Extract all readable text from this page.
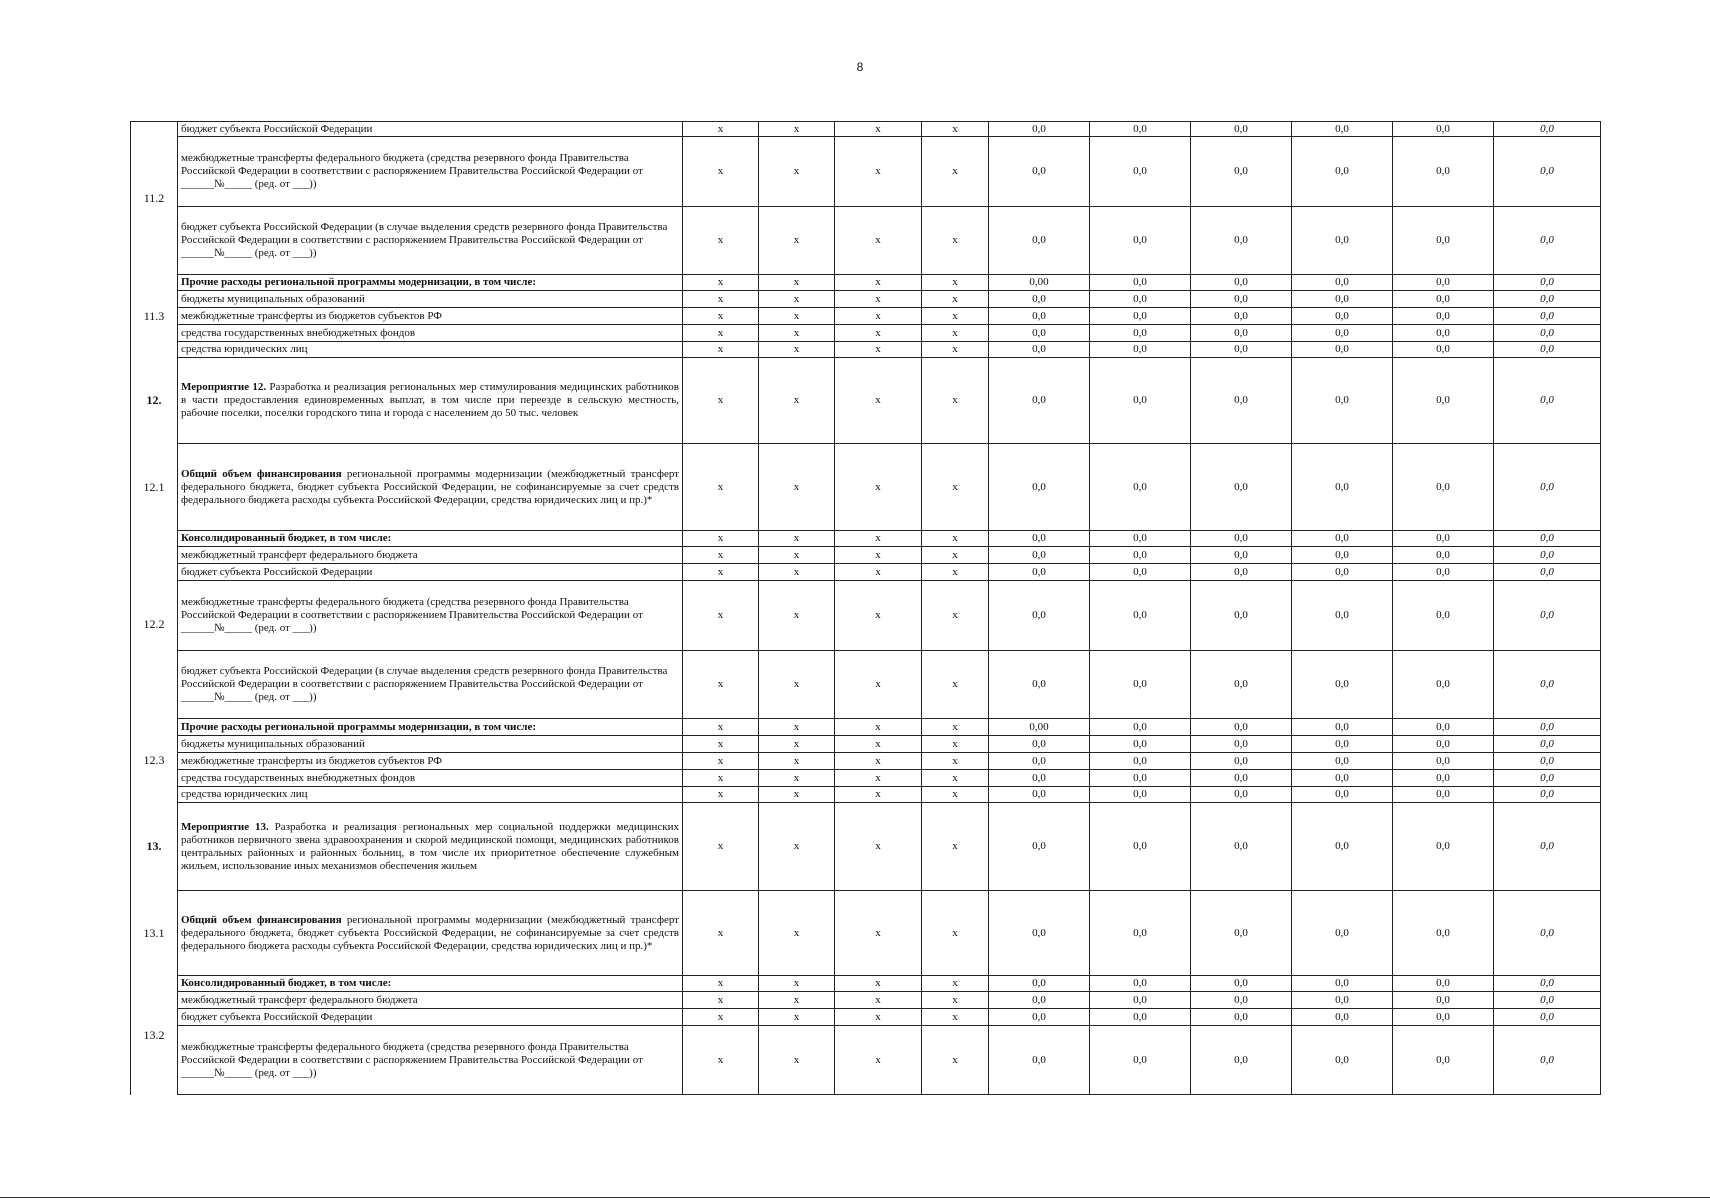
8
11.2	бюджет субъекта Российской Федерации	x	x	x	x	0,0	0,0	0,0	0,0	0,0	0,0
	межбюджетные трансферты федерального бюджета (средства резервного фонда Правительства Российской Федерации в соответствии с распоряжением Правительства Российской Федерации от ______№_____ (ред. от ___))	x	x	x	x	0,0	0,0	0,0	0,0	0,0	0,0
	бюджет субъекта Российской Федерации (в случае выделения средств резервного фонда Правительства Российской Федерации в соответствии с распоряжением Правительства Российской Федерации от ______№_____ (ред. от ___))	x	x	x	x	0,0	0,0	0,0	0,0	0,0	0,0
11.3	Прочие расходы региональной программы модернизации, в том числе:	x	x	x	x	0,00	0,0	0,0	0,0	0,0	0,0
	бюджеты муниципальных образований	x	x	x	x	0,0	0,0	0,0	0,0	0,0	0,0
	межбюджетные трансферты из бюджетов субъектов РФ	x	x	x	x	0,0	0,0	0,0	0,0	0,0	0,0
	средства государственных внебюджетных фондов	x	x	x	x	0,0	0,0	0,0	0,0	0,0	0,0
	средства юридических лиц	x	x	x	x	0,0	0,0	0,0	0,0	0,0	0,0
12.	Мероприятие 12. Разработка и реализация региональных мер стимулирования медицинских работников в части предоставления единовременных выплат, в том числе при переезде в сельскую местность, рабочие поселки, поселки городского типа и города с населением до 50 тыс. человек	x	x	x	x	0,0	0,0	0,0	0,0	0,0	0,0
12.1	Общий объем финансирования региональной программы модернизации (межбюджетный трансферт федерального бюджета, бюджет субъекта Российской Федерации, не софинансируемые за счет средств федерального бюджета расходы субъекта Российской Федерации, средства юридических лиц и пр.)*	x	x	x	x	0,0	0,0	0,0	0,0	0,0	0,0
12.2	Консолидированный бюджет, в том числе:	x	x	x	x	0,0	0,0	0,0	0,0	0,0	0,0
	межбюджетный трансферт федерального бюджета	x	x	x	x	0,0	0,0	0,0	0,0	0,0	0,0
	бюджет субъекта Российской Федерации	x	x	x	x	0,0	0,0	0,0	0,0	0,0	0,0
	межбюджетные трансферты федерального бюджета (средства резервного фонда Правительства Российской Федерации в соответствии с распоряжением Правительства Российской Федерации от ______№_____ (ред. от ___))	x	x	x	x	0,0	0,0	0,0	0,0	0,0	0,0
	бюджет субъекта Российской Федерации (в случае выделения средств резервного фонда Правительства Российской Федерации в соответствии с распоряжением Правительства Российской Федерации от ______№_____ (ред. от ___))	x	x	x	x	0,0	0,0	0,0	0,0	0,0	0,0
12.3	Прочие расходы региональной программы модернизации, в том числе:	x	x	x	x	0,00	0,0	0,0	0,0	0,0	0,0
	бюджеты муниципальных образований	x	x	x	x	0,0	0,0	0,0	0,0	0,0	0,0
	межбюджетные трансферты из бюджетов субъектов РФ	x	x	x	x	0,0	0,0	0,0	0,0	0,0	0,0
	средства государственных внебюджетных фондов	x	x	x	x	0,0	0,0	0,0	0,0	0,0	0,0
	средства юридических лиц	x	x	x	x	0,0	0,0	0,0	0,0	0,0	0,0
13.	Мероприятие 13. Разработка и реализация региональных мер социальной поддержки медицинских работников первичного звена здравоохранения и скорой медицинской помощи, медицинских работников центральных районных и районных больниц, в том числе их приоритетное обеспечение служебным жильем, использование иных механизмов обеспечения жильем	x	x	x	x	0,0	0,0	0,0	0,0	0,0	0,0
13.1	Общий объем финансирования региональной программы модернизации (межбюджетный трансферт федерального бюджета, бюджет субъекта Российской Федерации, не софинансируемые за счет средств федерального бюджета расходы субъекта Российской Федерации, средства юридических лиц и пр.)*	x	x	x	x	0,0	0,0	0,0	0,0	0,0	0,0
13.2	Консолидированный бюджет, в том числе:	x	x	x	x	0,0	0,0	0,0	0,0	0,0	0,0
	межбюджетный трансферт федерального бюджета	x	x	x	x	0,0	0,0	0,0	0,0	0,0	0,0
	бюджет субъекта Российской Федерации	x	x	x	x	0,0	0,0	0,0	0,0	0,0	0,0
	межбюджетные трансферты федерального бюджета (средства резервного фонда Правительства Российской Федерации в соответствии с распоряжением Правительства Российской Федерации от ______№_____ (ред. от ___))	x	x	x	x	0,0	0,0	0,0	0,0	0,0	0,0
